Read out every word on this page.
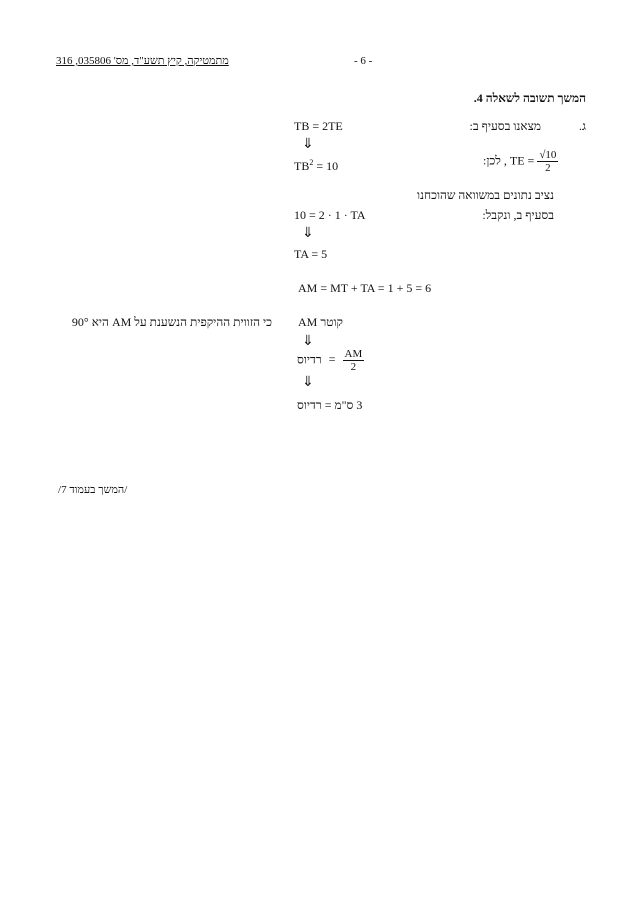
מתמטיקה, קיץ תשע"ד, מס' 035806, 316	- 6 -
המשך תשובה לשאלה 4.
ג.
מצאנו בסעיף ב:
TB = 2TE
⇓
$TB^2 = 10$	לכן: , TE = $\frac{√10}{2}$
נציב נתונים במשוואה שהוכחנו
בסעיף ב, ונקבל:
10 = 2 · 1 · TA
⇓
TA = 5
AM = MT + TA = 1 + 5 = 6
AM קוטר
כי הזווית ההיקפית הנשענת על AM היא 90°
⇓
רדיוס = $\frac{AM}{2}$
⇓
3 ס"מ = רדיוס
/המשך בעמוד 7/
